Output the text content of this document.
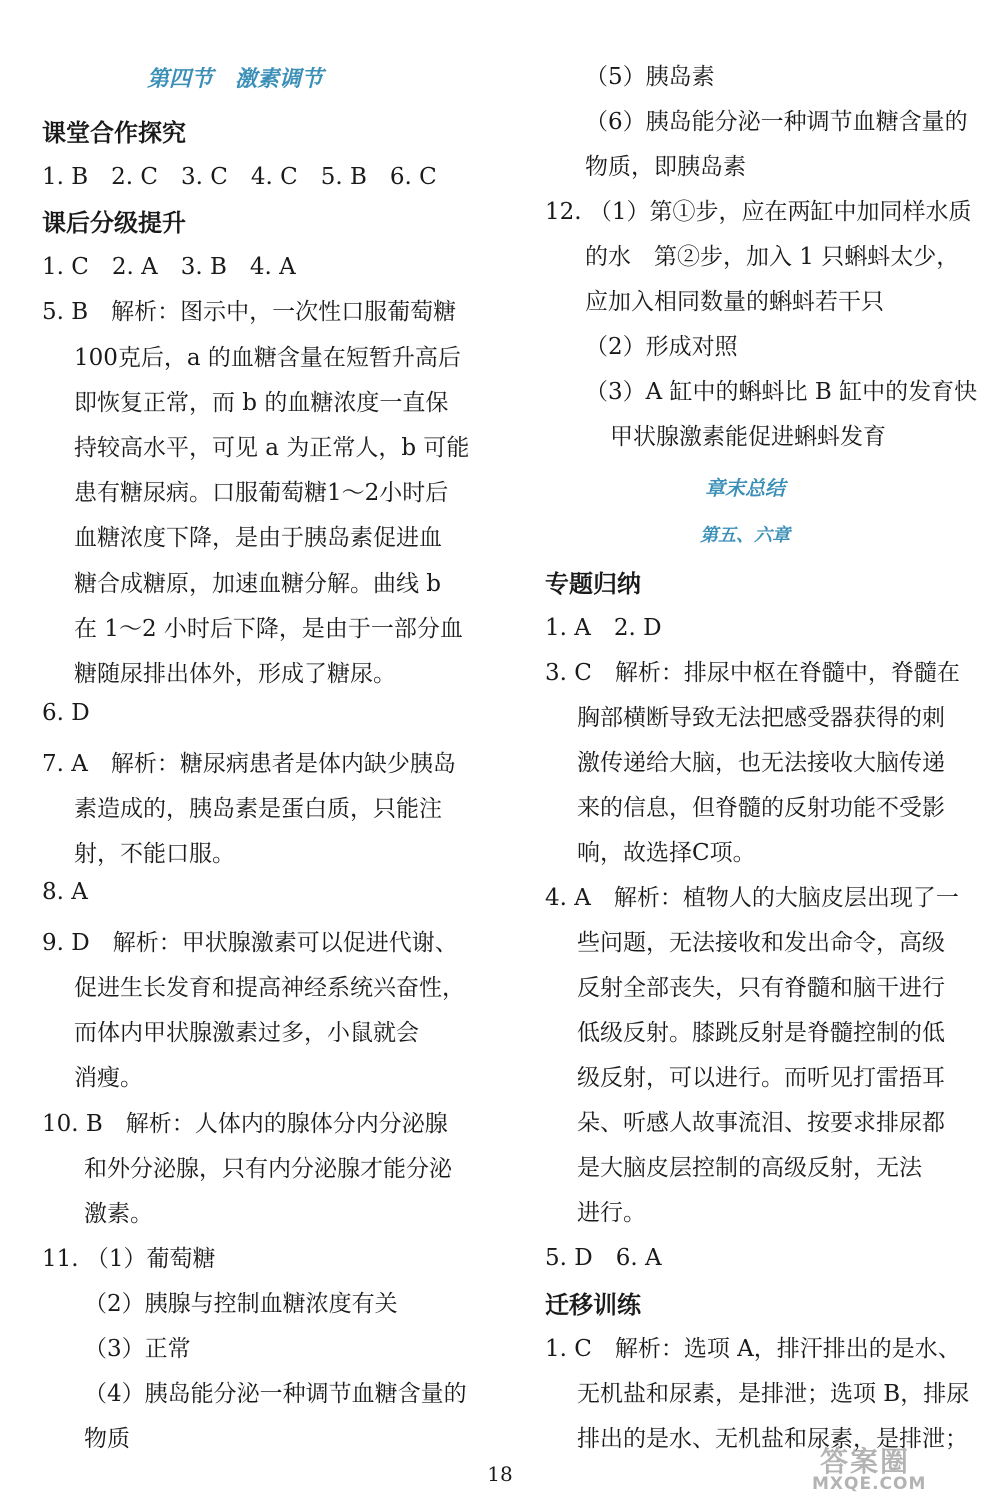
第四节　激素调节
课堂合作探究
1. B　2. C　3. C　4. C　5. B　6. C
课后分级提升
1. C　2. A　3. B　4. A
5. B　解析：图示中，一次性口服葡萄糖
100克后，a 的血糖含量在短暂升高后
即恢复正常，而 b 的血糖浓度一直保
持较高水平，可见 a 为正常人，b 可能
患有糖尿病。口服葡萄糖1～2小时后
血糖浓度下降，是由于胰岛素促进血
糖合成糖原，加速血糖分解。曲线 b
在 1～2 小时后下降，是由于一部分血
糖随尿排出体外，形成了糖尿。
6. D
7. A　解析：糖尿病患者是体内缺少胰岛
素造成的，胰岛素是蛋白质，只能注
射，不能口服。
8. A
9. D　解析：甲状腺激素可以促进代谢、
促进生长发育和提高神经系统兴奋性，
而体内甲状腺激素过多，小鼠就会
消瘦。
10. B　解析：人体内的腺体分内分泌腺
和外分泌腺，只有内分泌腺才能分泌
激素。
11. （1）葡萄糖
（2）胰腺与控制血糖浓度有关
（3）正常
（4）胰岛能分泌一种调节血糖含量的
物质
（5）胰岛素
（6）胰岛能分泌一种调节血糖含量的
物质，即胰岛素
12. （1）第①步，应在两缸中加同样水质
的水　第②步，加入 1 只蝌蚪太少，
应加入相同数量的蝌蚪若干只
（2）形成对照
（3）A 缸中的蝌蚪比 B 缸中的发育快
甲状腺激素能促进蝌蚪发育
章末总结
第五、六章
专题归纳
1. A　2. D
3. C　解析：排尿中枢在脊髓中，脊髓在
胸部横断导致无法把感受器获得的刺
激传递给大脑，也无法接收大脑传递
来的信息，但脊髓的反射功能不受影
响，故选择C项。
4. A　解析：植物人的大脑皮层出现了一
些问题，无法接收和发出命令，高级
反射全部丧失，只有脊髓和脑干进行
低级反射。膝跳反射是脊髓控制的低
级反射，可以进行。而听见打雷捂耳
朵、听感人故事流泪、按要求排尿都
是大脑皮层控制的高级反射，无法
进行。
5. D　6. A
迁移训练
1. C　解析：选项 A，排汗排出的是水、
无机盐和尿素，是排泄；选项 B，排尿
排出的是水、无机盐和尿素，是排泄；
18	答案圈
MXQE.COM
